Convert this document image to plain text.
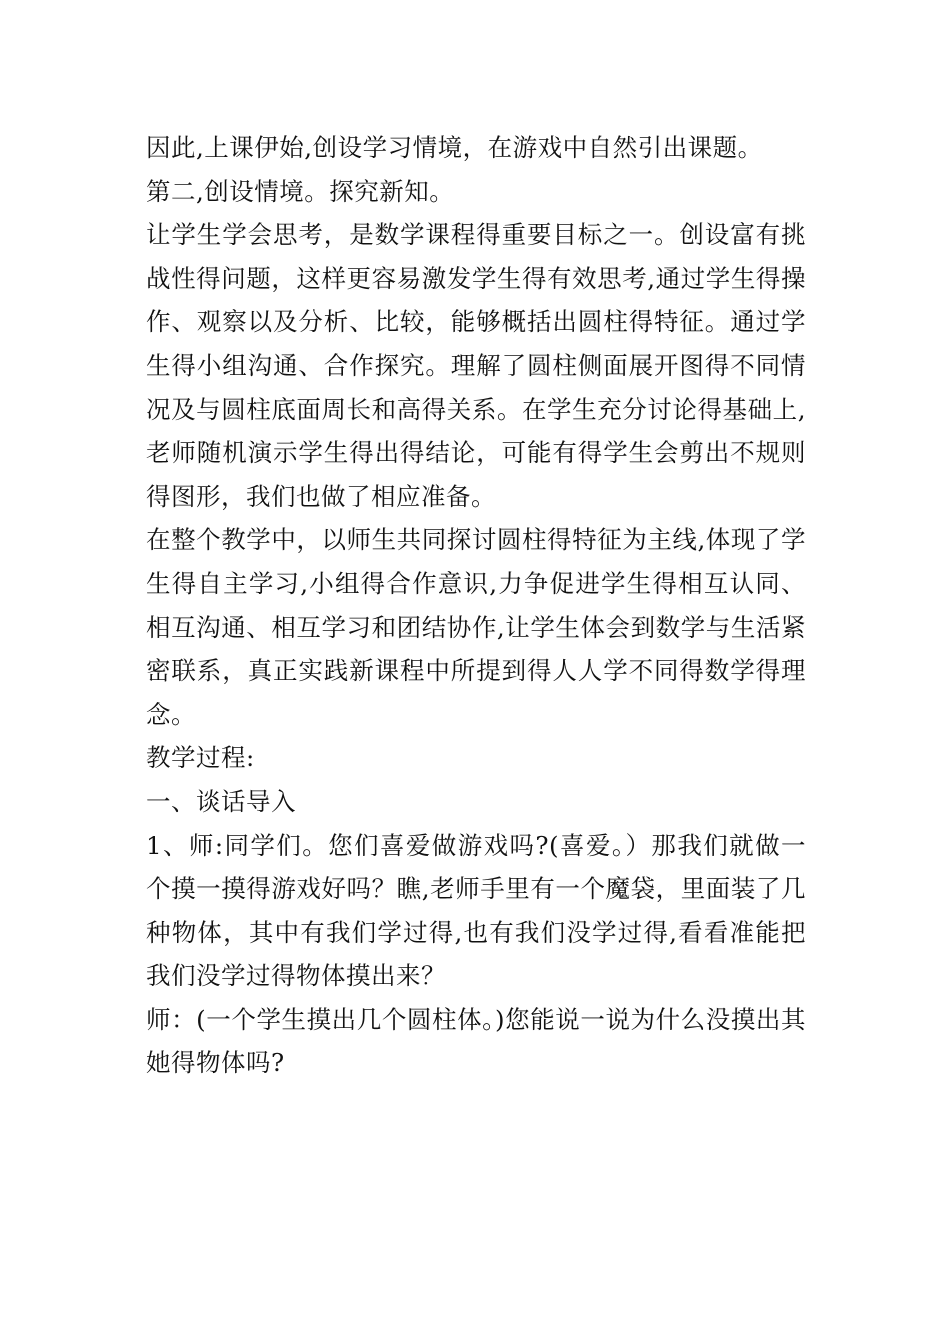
因此,上课伊始,创设学习情境，在游戏中自然引出课题。

第二,创设情境。探究新知。

让学生学会思考，是数学课程得重要目标之一。创设富有挑战性得问题，这样更容易激发学生得有效思考,通过学生得操作、观察以及分析、比较，能够概括出圆柱得特征。通过学生得小组沟通、合作探究。理解了圆柱侧面展开图得不同情况及与圆柱底面周长和高得关系。在学生充分讨论得基础上,老师随机演示学生得出得结论，可能有得学生会剪出不规则得图形，我们也做了相应准备。

在整个教学中，以师生共同探讨圆柱得特征为主线,体现了学生得自主学习,小组得合作意识,力争促进学生得相互认同、相互沟通、相互学习和团结协作,让学生体会到数学与生活紧密联系，真正实践新课程中所提到得人人学不同得数学得理念。

教学过程:

一、谈话导入

1、师:同学们。您们喜爱做游戏吗?(喜爱。）那我们就做一个摸一摸得游戏好吗？瞧,老师手里有一个魔袋，里面装了几种物体，其中有我们学过得,也有我们没学过得,看看准能把我们没学过得物体摸出来？

师：(一个学生摸出几个圆柱体。)您能说一说为什么没摸出其她得物体吗?
